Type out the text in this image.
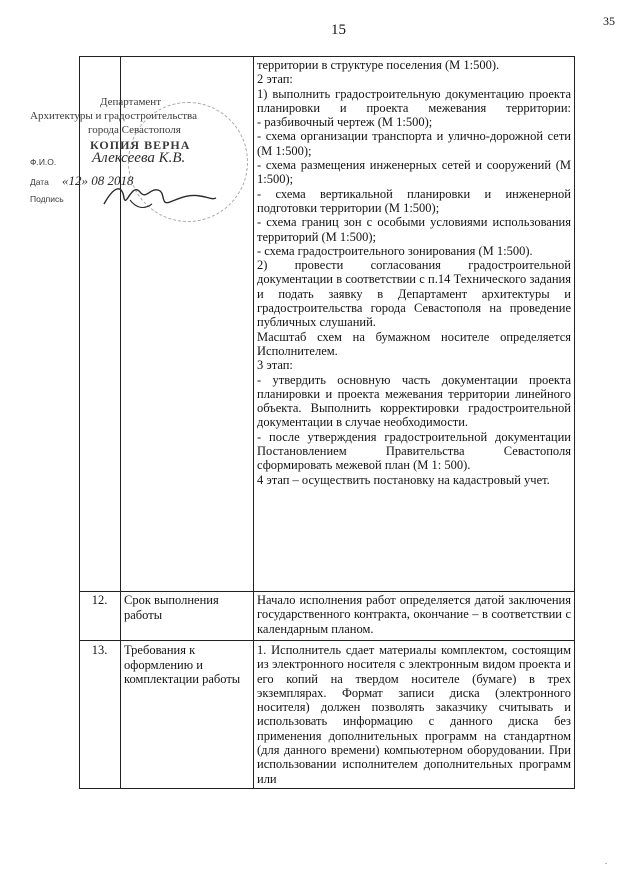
15
35

территории в структуре поселения (М 1:500).

2 этап:

1) выполнить градостроительную документацию проекта планировки и проекта межевания территории:

- разбивочный чертеж (М 1:500);

- схема организации транспорта и улично-дорожной сети (М 1:500);

- схема размещения инженерных сетей и сооружений (М 1:500);

- схема вертикальной планировки и инженерной подготовки территории (М 1:500);

- схема границ зон с особыми условиями использования территорий (М 1:500);

- схема градостроительного зонирования (М 1:500).

2) провести согласования градостроительной документации в соответствии с п.14 Технического задания и подать заявку в Департамент архитектуры и градостроительства города Севастополя на проведение публичных слушаний.

Масштаб схем на бумажном носителе определяется Исполнителем.

3 этап:

- утвердить основную часть документации проекта планировки и проекта межевания территории линейного объекта. Выполнить корректировки градостроительной документации в случае необходимости.

- после утверждения градостроительной документации Постановлением Правительства Севастополя сформировать межевой план (М 1: 500).

4 этап – осуществить постановку на кадастровый учет.

12.	Срок выполнения работы

Начало исполнения работ определяется датой заключения государственного контракта, окончание – в соответствии с календарным планом.

13.	Требования к оформлению и комплектации работы

1. Исполнитель сдает материалы комплектом, состоящим из электронного носителя с электронным видом проекта и его копий на твердом носителе (бумаге) в трех экземплярах. Формат записи диска (электронного носителя) должен позволять заказчику считывать и использовать информацию с данного диска без применения дополнительных программ на стандартном (для данного времени) компьютерном оборудовании. При использовании исполнителем дополнительных программ или

Департамент
Архитектуры и градостроительства
города Севастополя
КОПИЯ ВЕРНА
Ф.И.О. Алексеева К.В.
Дата «12» 08 2018
Подпись
.
